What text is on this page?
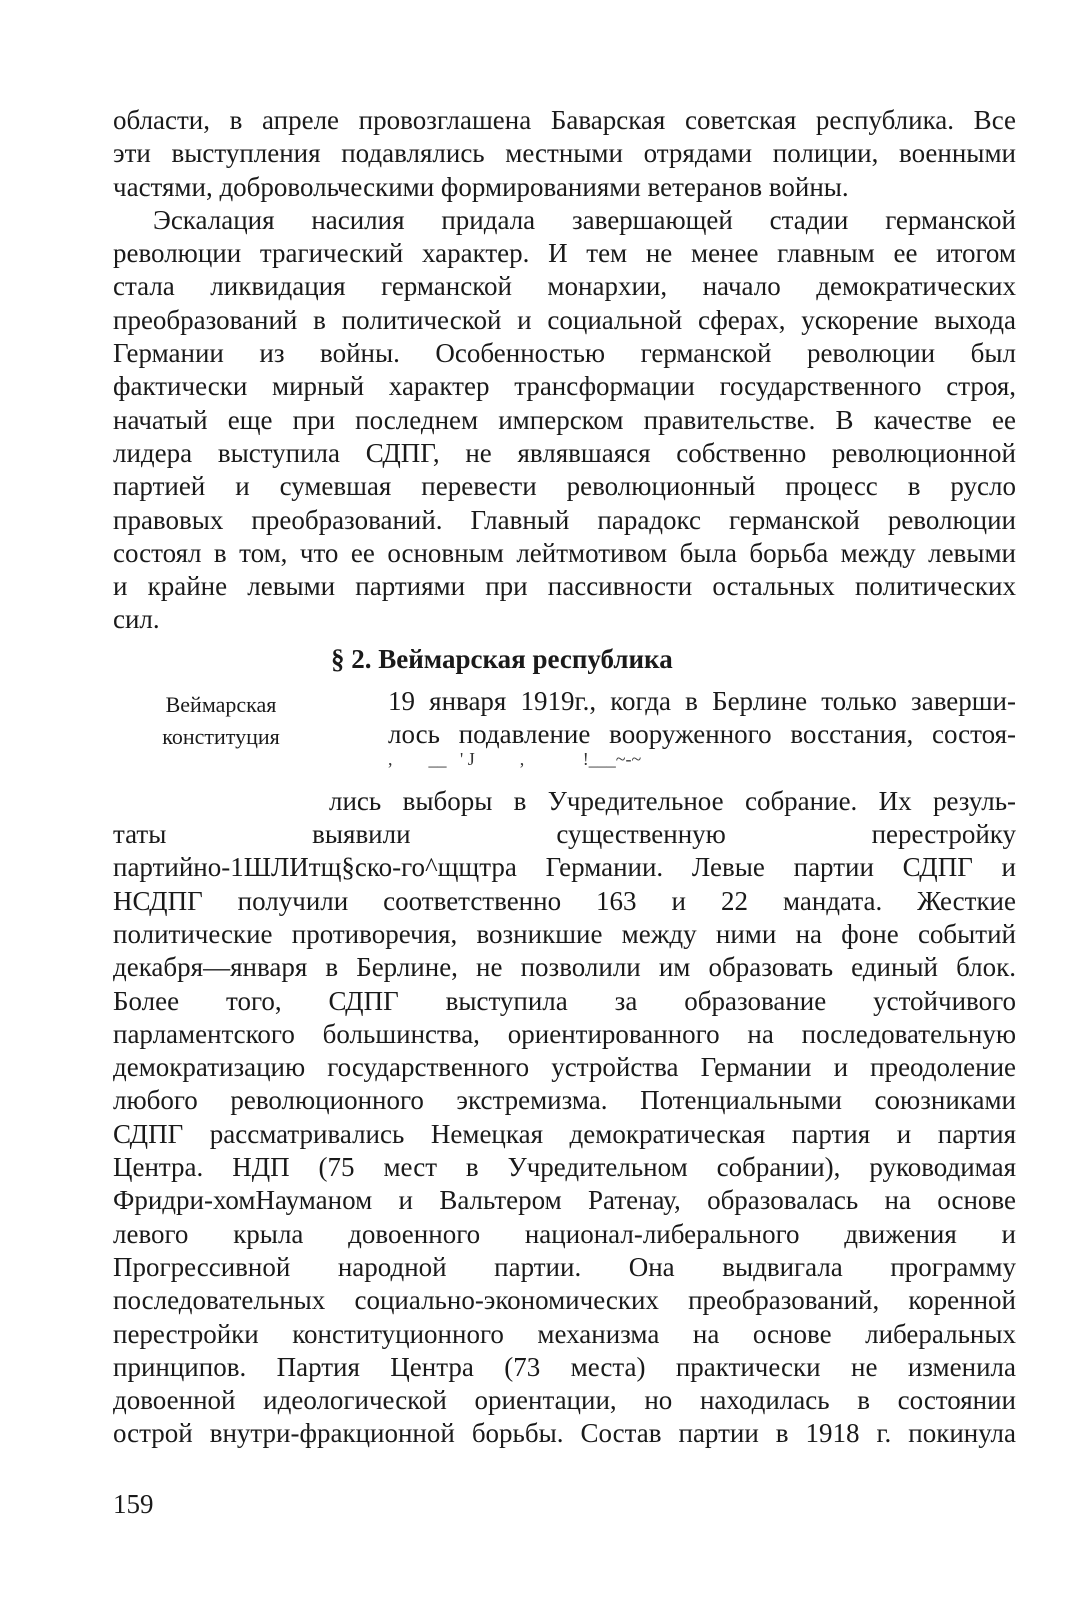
области, в апреле провозглашена Баварская советская республика. Все
эти выступления подавлялись местными отрядами полиции, военными
частями, добровольческими формированиями ветеранов войны.
Эскалация насилия придала завершающей стадии германской
революции трагический характер. И тем не менее главным ее итогом
стала ликвидация германской монархии, начало демократических
преобразований в политической и социальной сферах, ускорение выхода
Германии из войны. Особенностью германской революции был
фактически мирный характер трансформации государственного строя,
начатый еще при последнем имперском правительстве. В качестве ее
лидера выступила СДПГ, не являвшаяся собственно революционной
партией и сумевшая перевести революционный процесс в русло
правовых преобразований. Главный парадокс германской революции
состоял в том, что ее основным лейтмотивом была борьба между левыми
и крайне левыми партиями при пассивности остальных политических
сил.
§ 2. Веймарская республика
Веймарская
конституция
19 января 1919г., когда в Берлине только заверши-
лось подавление вооруженного восстания, состоя-
,        __   ' J          ,             !___~-~
лись выборы в Учредительное собрание. Их резуль-
таты выявили существенную перестройку
партийно-1ШЛИтщ§ско-го^щщтра Германии. Левые партии СДПГ и
НСДПГ получили соответственно 163 и 22 мандата. Жесткие
политические противоречия, возникшие между ними на фоне событий
декабря—января в Берлине, не позволили им образовать единый блок.
Более того, СДПГ выступила за образование устойчивого
парламентского большинства, ориентированного на последовательную
демократизацию государственного устройства Германии и преодоление
любого революционного экстремизма. Потенциальными союзниками
СДПГ рассматривались Немецкая демократическая партия и партия
Центра. НДП (75 мест в Учредительном собрании), руководимая
Фридри-хомНауманом и Вальтером Ратенау, образовалась на основе
левого крыла довоенного национал-либерального движения и
Прогрессивной народной партии. Она выдвигала программу
последовательных социально-экономических преобразований, коренной
перестройки конституционного механизма на основе либеральных
принципов. Партия Центра (73 места) практически не изменила
довоенной идеологической ориентации, но находилась в состоянии
острой внутри-фракционной борьбы. Состав партии в 1918 г. покинула
159
